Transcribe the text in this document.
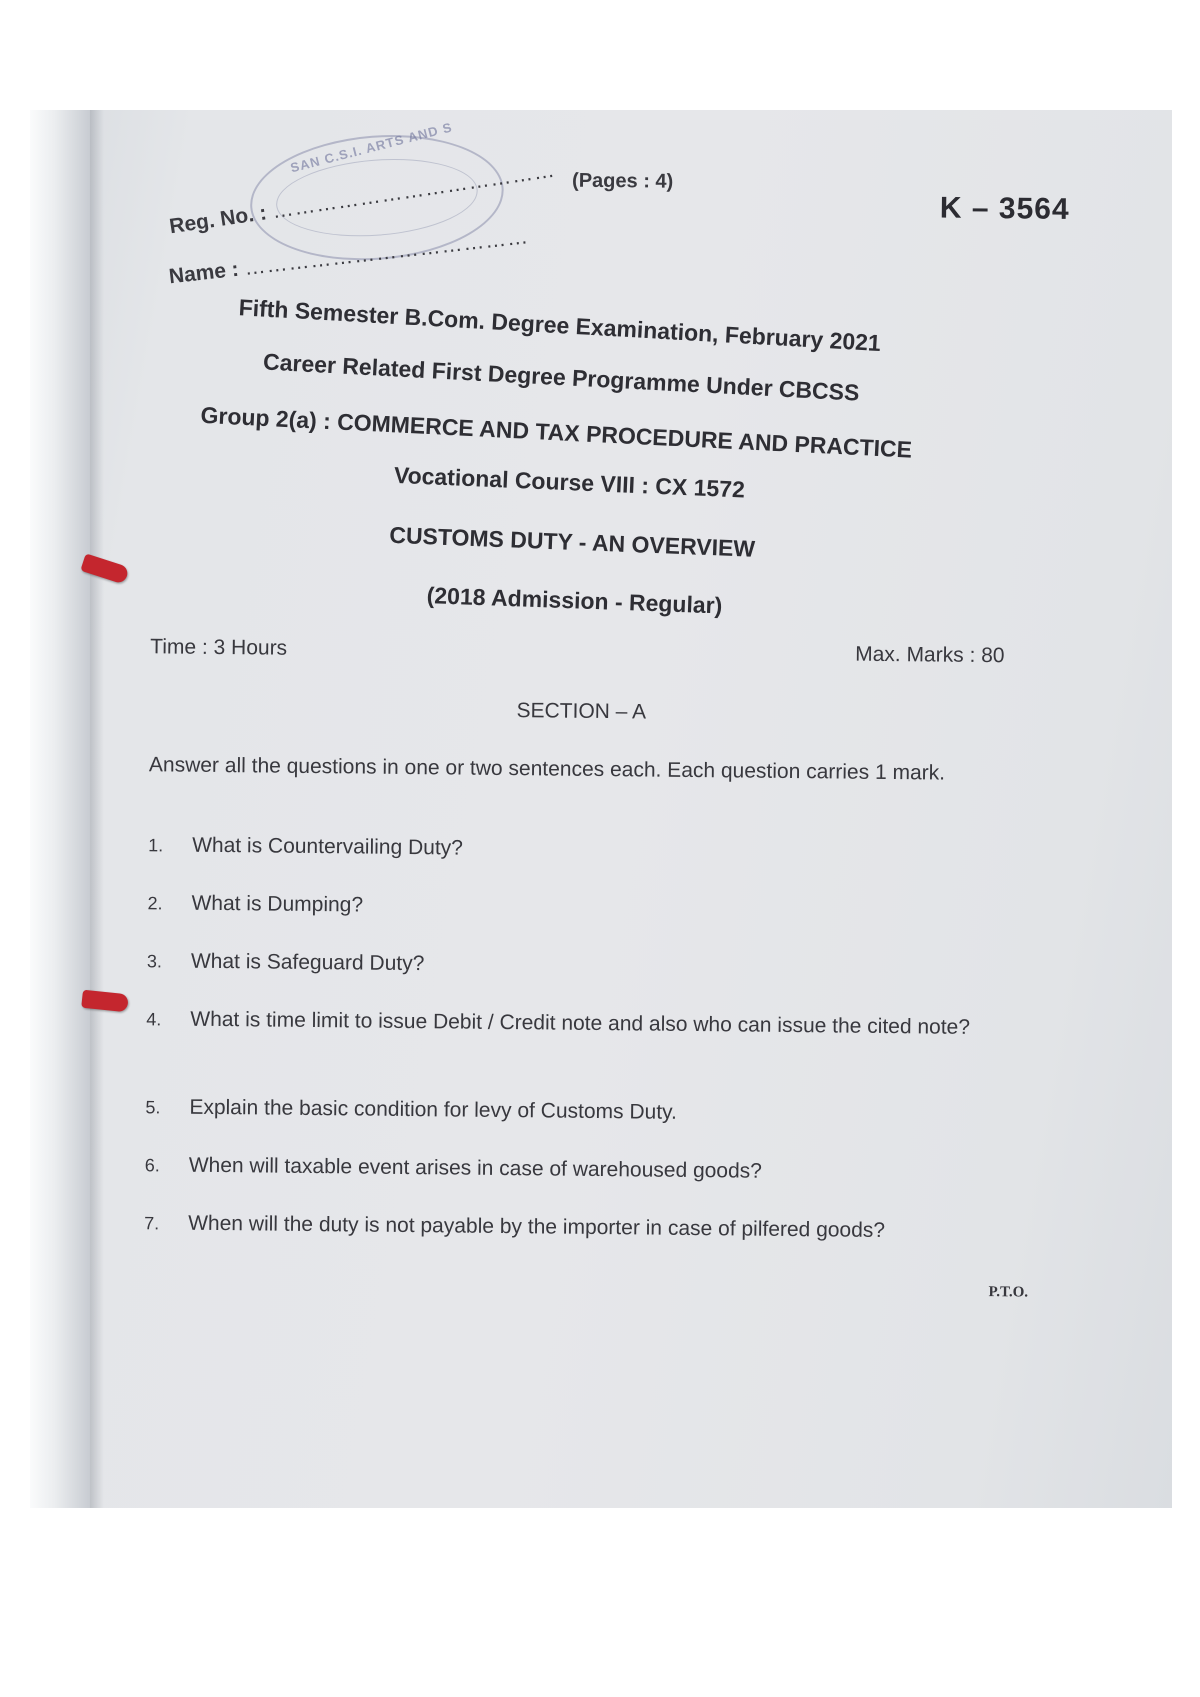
SAN C.S.I. ARTS AND S
(Pages : 4)
K – 3564
Reg. No. : …………………………………
Name : …………………………………
Fifth Semester B.Com. Degree Examination, February 2021
Career Related First Degree Programme Under CBCSS
Group 2(a) : COMMERCE AND TAX PROCEDURE AND PRACTICE
Vocational Course VIII : CX 1572
CUSTOMS DUTY - AN OVERVIEW
(2018 Admission - Regular)
Time : 3 Hours	Max. Marks : 80
SECTION – A
Answer all the questions in one or two sentences each. Each question carries 1 mark.
1.	What is Countervailing Duty?
2.	What is Dumping?
3.	What is Safeguard Duty?
4.	What is time limit to issue Debit / Credit note and also who can issue the cited note?
5.	Explain the basic condition for levy of Customs Duty.
6.	When will taxable event arises in case of warehoused goods?
7.	When will the duty is not payable by the importer in case of pilfered goods?
P.T.O.
